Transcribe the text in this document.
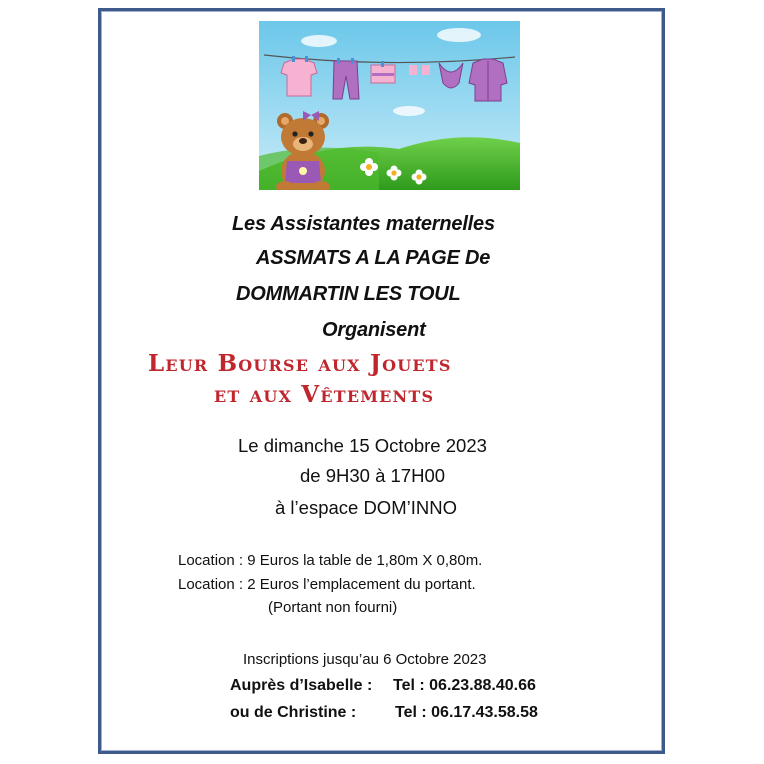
Les Assistantes maternelles
ASSMATS A LA PAGE De
DOMMARTIN LES TOUL
Organisent
Leur Bourse aux Jouets
et aux Vêtements
Le dimanche 15 Octobre 2023
de 9H30 à 17H00
à l’espace DOM’INNO
Location : 9 Euros la table de 1,80m X 0,80m.
Location : 2 Euros l’emplacement du portant.
(Portant non fourni)
Inscriptions jusqu’au 6 Octobre 2023
Auprès d’Isabelle : Tel : 06.23.88.40.66
ou de Christine : Tel : 06.17.43.58.58
